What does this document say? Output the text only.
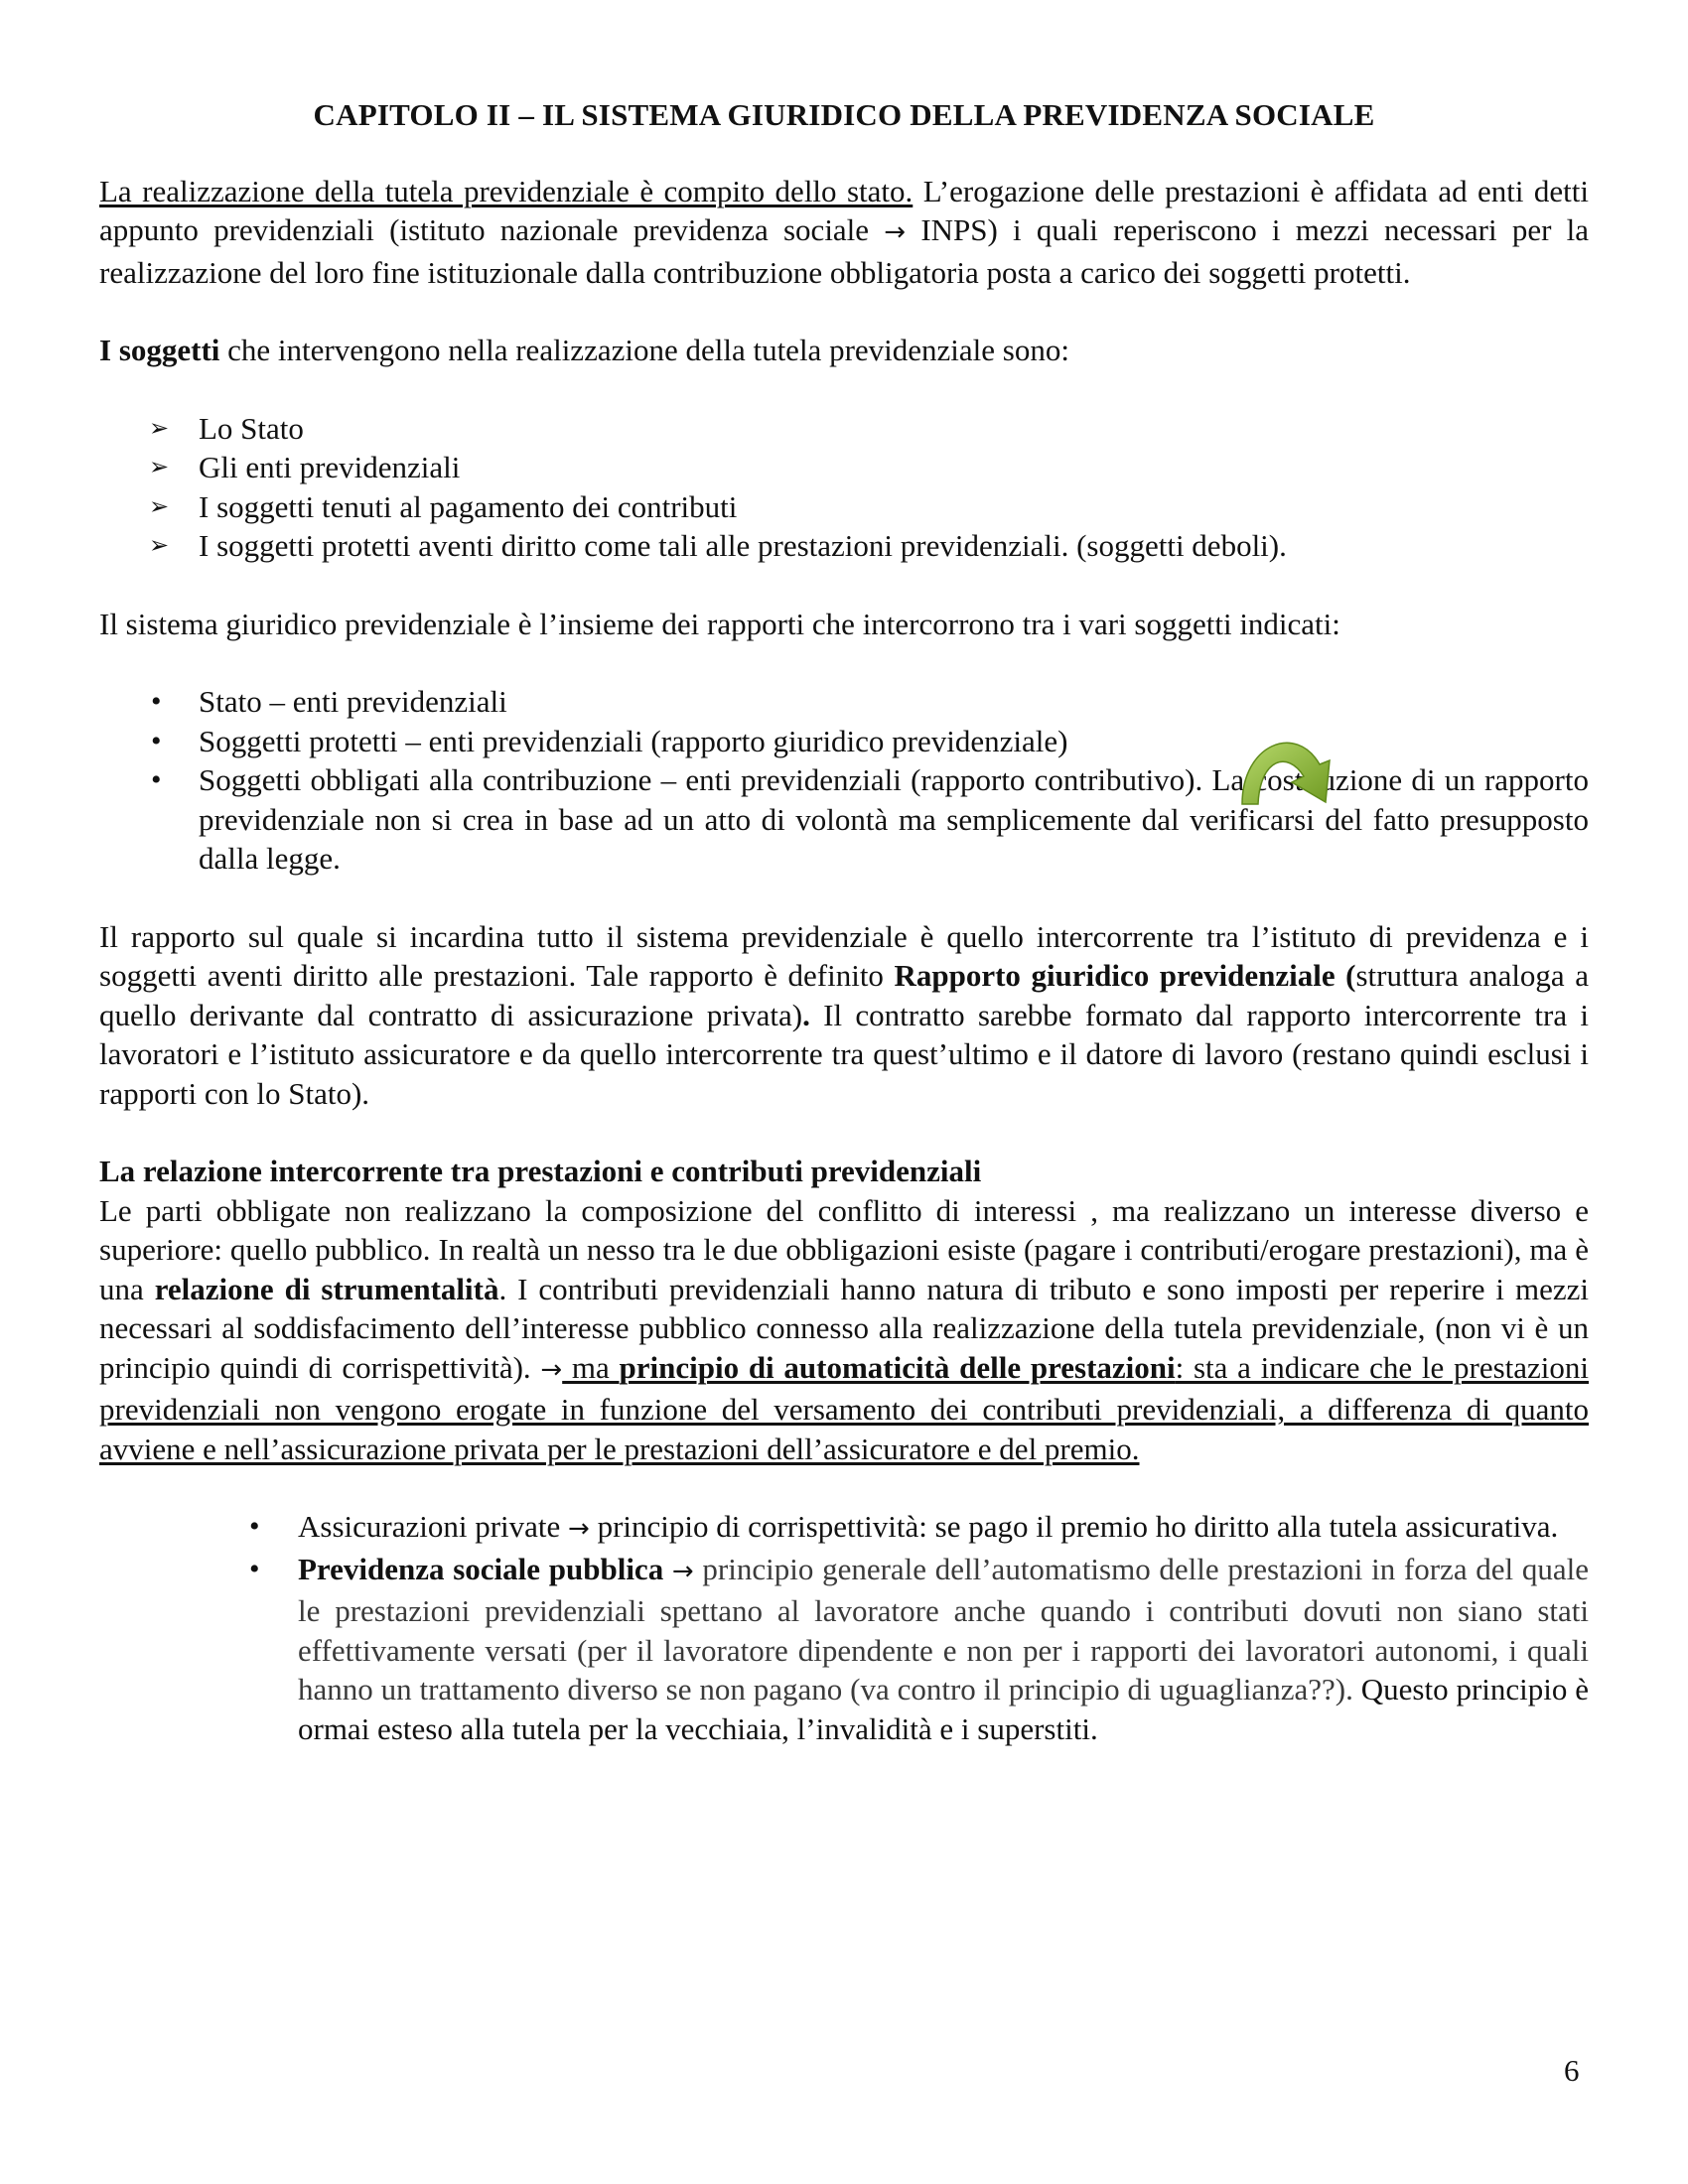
CAPITOLO II – IL SISTEMA GIURIDICO DELLA PREVIDENZA SOCIALE

La realizzazione della tutela previdenziale è compito dello stato. L’erogazione delle prestazioni è affidata ad enti detti appunto previdenziali (istituto nazionale previdenza sociale → INPS) i quali reperiscono i mezzi necessari per la realizzazione del loro fine istituzionale dalla contribuzione obbligatoria posta a carico dei soggetti protetti.

I soggetti che intervengono nella realizzazione della tutela previdenziale sono:

➢ Lo Stato
➢ Gli enti previdenziali
➢ I soggetti tenuti al pagamento dei contributi
➢ I soggetti protetti aventi diritto come tali alle prestazioni previdenziali. (soggetti deboli).

Il sistema giuridico previdenziale è l’insieme dei rapporti che intercorrono tra i vari soggetti indicati:

• Stato – enti previdenziali
• Soggetti protetti – enti previdenziali (rapporto giuridico previdenziale)
• Soggetti obbligati alla contribuzione – enti previdenziali (rapporto contributivo). La costituzione di un rapporto previdenziale non si crea in base ad un atto di volontà ma semplicemente dal verificarsi del fatto presupposto dalla legge.

Il rapporto sul quale si incardina tutto il sistema previdenziale è quello intercorrente tra l’istituto di previdenza e i soggetti aventi diritto alle prestazioni. Tale rapporto è definito Rapporto giuridico previdenziale (struttura analoga a quello derivante dal contratto di assicurazione privata). Il contratto sarebbe formato dal rapporto intercorrente tra i lavoratori e l’istituto assicuratore e da quello intercorrente tra quest’ultimo e il datore di lavoro (restano quindi esclusi i rapporti con lo Stato).

La relazione intercorrente tra prestazioni e contributi previdenziali

Le parti obbligate non realizzano la composizione del conflitto di interessi , ma realizzano un interesse diverso e superiore: quello pubblico. In realtà un nesso tra le due obbligazioni esiste (pagare i contributi/erogare prestazioni), ma è una relazione di strumentalità. I contributi previdenziali hanno natura di tributo e sono imposti per reperire i mezzi necessari al soddisfacimento dell’interesse pubblico connesso alla realizzazione della tutela previdenziale, (non vi è un principio quindi di corrispettività). → ma principio di automaticità delle prestazioni: sta a indicare che le prestazioni previdenziali non vengono erogate in funzione del versamento dei contributi previdenziali, a differenza di quanto avviene e nell’assicurazione privata per le prestazioni dell’assicuratore e del premio.

• Assicurazioni private → principio di corrispettività: se pago il premio ho diritto alla tutela assicurativa.
• Previdenza sociale pubblica → principio generale dell’automatismo delle prestazioni in forza del quale le prestazioni previdenziali spettano al lavoratore anche quando i contributi dovuti non siano stati effettivamente versati (per il lavoratore dipendente e non per i rapporti dei lavoratori autonomi, i quali hanno un trattamento diverso se non pagano (va contro il principio di uguaglianza??). Questo principio è ormai esteso alla tutela per la vecchiaia, l’invalidità e i superstiti.
6
